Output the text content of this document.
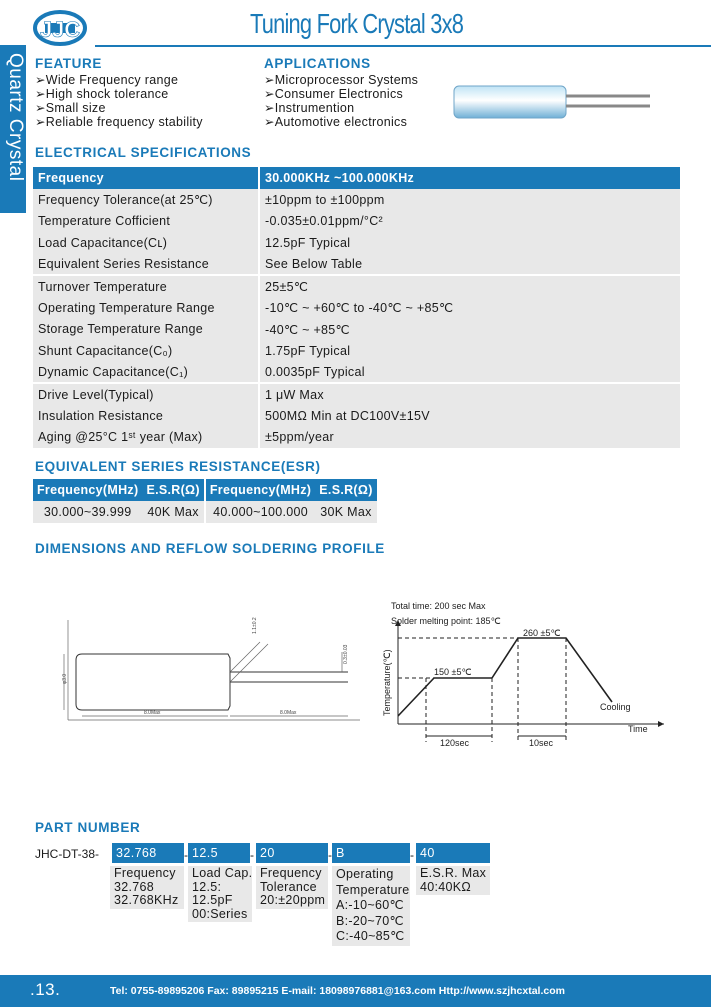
JJC	Tuning Fork Crystal 3x8
Quartz Crystal FEATURE
➢Wide Frequency range
➢High shock tolerance
➢Small size
➢Reliable frequency stability
APPLICATIONS
➢Microprocessor Systems
➢Consumer Electronics
➢Instrumention
➢Automotive electronics
ELECTRICAL SPECIFICATIONS
Frequency	30.000KHz ~100.000KHz
Frequency Tolerance(at 25℃)	±10ppm to ±100ppm
Temperature Cofficient	-0.035±0.01ppm/°C²
Load Capacitance(Cʟ)	12.5pF Typical
Equivalent Series Resistance	See Below Table
Turnover Temperature	25±5℃
Operating Temperature Range	-10℃ ~ +60℃ to -40℃ ~ +85℃
Storage Temperature Range	-40℃ ~ +85℃
Shunt Capacitance(C₀)	1.75pF Typical
Dynamic Capacitance(C₁)	0.0035pF Typical
Drive Level(Typical)	1 μW Max
Insulation Resistance	500MΩ Min at DC100V±15V
Aging @25°C 1ˢᵗ year (Max)	±5ppm/year
EQUIVALENT SERIES RESISTANCE(ESR)
Frequency(MHz)	E.S.R(Ω)	Frequency(MHz)	E.S.R(Ω)
30.000~39.999	40K Max	40.000~100.000	30K Max
DIMENSIONS AND REFLOW SOLDERING PROFILE
φ3.0
8.0Max	8.0Max
1.1±0.2
0.3±0.03
Total time: 200 sec Max
Solder melting point: 185℃
260 ±5℃
150 ±5℃
Temperature(℃)
Time
Cooling
120sec	10sec
PART NUMBER
JHC-DT-38-	32.768	- 12.5	- 20	- B	- 40
Frequency
32.768
32.768KHz
Load Cap.
12.5:
12.5pF
00:Series
Frequency
Tolerance
20:±20ppm
Operating
Temperature
A:-10~60℃
B:-20~70℃
C:-40~85℃
E.S.R. Max
40:40KΩ
.13.	Tel: 0755-89895206 Fax: 89895215 E-mail: 18098976881@163.com Http://www.szjhcxtal.com
